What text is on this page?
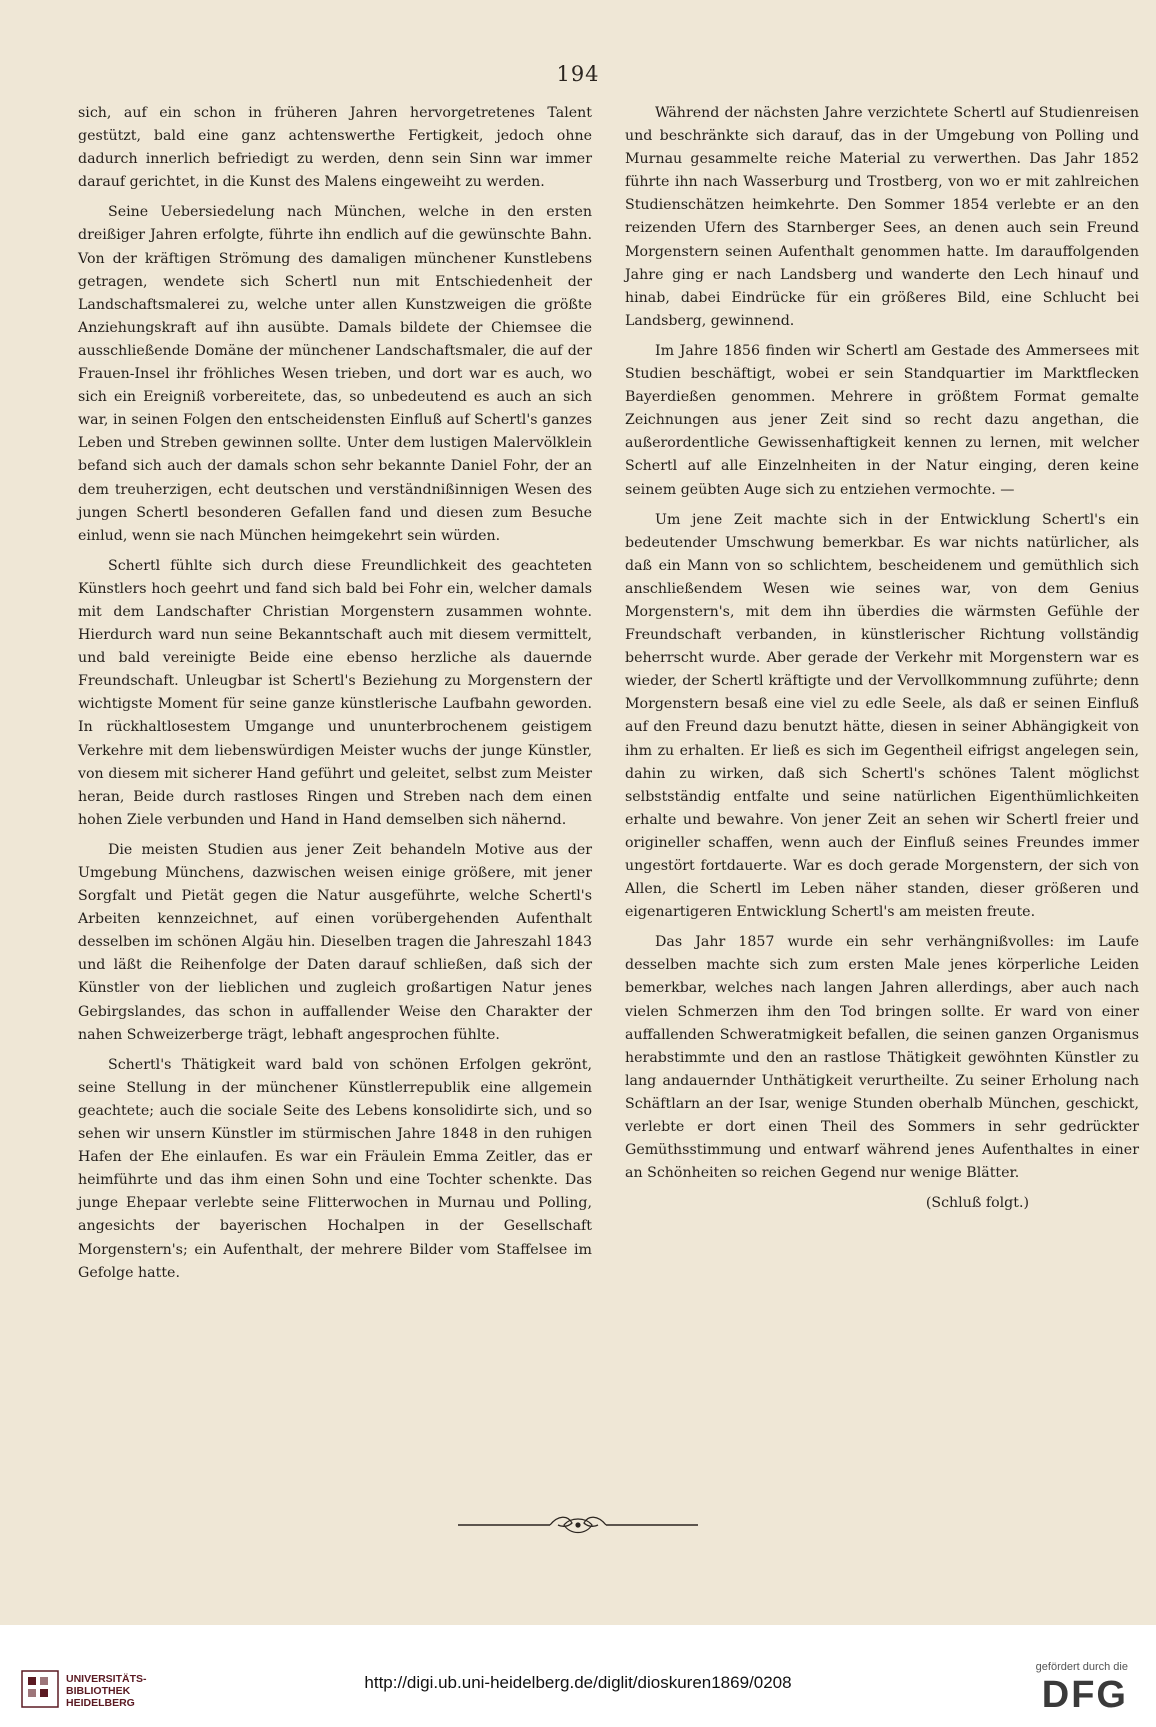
194

sich, auf ein schon in früheren Jahren hervorgetretenes Talent gestützt, bald eine ganz achtenswerthe Fertigkeit, jedoch ohne dadurch innerlich befriedigt zu werden, denn sein Sinn war immer darauf gerichtet, in die Kunst des Malens eingeweiht zu werden.

Seine Uebersiedelung nach München, welche in den ersten dreißiger Jahren erfolgte, führte ihn endlich auf die gewünschte Bahn. Von der kräftigen Strömung des damaligen münchener Kunstlebens getragen, wendete sich Schertl nun mit Entschiedenheit der Landschaftsmalerei zu, welche unter allen Kunstzweigen die größte Anziehungskraft auf ihn ausübte. Damals bildete der Chiemsee die ausschließende Domäne der münchener Landschaftsmaler, die auf der Frauen-Insel ihr fröhliches Wesen trieben, und dort war es auch, wo sich ein Ereigniß vorbereitete, das, so unbedeutend es auch an sich war, in seinen Folgen den entscheidensten Einfluß auf Schertl's ganzes Leben und Streben gewinnen sollte. Unter dem lustigen Malervölklein befand sich auch der damals schon sehr bekannte Daniel Fohr, der an dem treuherzigen, echt deutschen und verständnißinnigen Wesen des jungen Schertl besonderen Gefallen fand und diesen zum Besuche einlud, wenn sie nach München heimgekehrt sein würden.

Schertl fühlte sich durch diese Freundlichkeit des geachteten Künstlers hoch geehrt und fand sich bald bei Fohr ein, welcher damals mit dem Landschafter Christian Morgenstern zusammen wohnte. Hierdurch ward nun seine Bekanntschaft auch mit diesem vermittelt, und bald vereinigte Beide eine ebenso herzliche als dauernde Freundschaft. Unleugbar ist Schertl's Beziehung zu Morgenstern der wichtigste Moment für seine ganze künstlerische Laufbahn geworden. In rückhaltlosestem Umgange und ununterbrochenem geistigem Verkehre mit dem liebenswürdigen Meister wuchs der junge Künstler, von diesem mit sicherer Hand geführt und geleitet, selbst zum Meister heran, Beide durch rastloses Ringen und Streben nach dem einen hohen Ziele verbunden und Hand in Hand demselben sich nähernd.

Die meisten Studien aus jener Zeit behandeln Motive aus der Umgebung Münchens, dazwischen weisen einige größere, mit jener Sorgfalt und Pietät gegen die Natur ausgeführte, welche Schertl's Arbeiten kennzeichnet, auf einen vorübergehenden Aufenthalt desselben im schönen Algäu hin. Dieselben tragen die Jahreszahl 1843 und läßt die Reihenfolge der Daten darauf schließen, daß sich der Künstler von der lieblichen und zugleich großartigen Natur jenes Gebirgslandes, das schon in auffallender Weise den Charakter der nahen Schweizerberge trägt, lebhaft angesprochen fühlte.

Schertl's Thätigkeit ward bald von schönen Erfolgen gekrönt, seine Stellung in der münchener Künstlerrepublik eine allgemein geachtete; auch die sociale Seite des Lebens konsolidirte sich, und so sehen wir unsern Künstler im stürmischen Jahre 1848 in den ruhigen Hafen der Ehe einlaufen. Es war ein Fräulein Emma Zeitler, das er heimführte und das ihm einen Sohn und eine Tochter schenkte. Das junge Ehepaar verlebte seine Flitterwochen in Murnau und Polling, angesichts der bayerischen Hochalpen in der Gesellschaft Morgenstern's; ein Aufenthalt, der mehrere Bilder vom Staffelsee im Gefolge hatte.

Während der nächsten Jahre verzichtete Schertl auf Studienreisen und beschränkte sich darauf, das in der Umgebung von Polling und Murnau gesammelte reiche Material zu verwerthen. Das Jahr 1852 führte ihn nach Wasserburg und Trostberg, von wo er mit zahlreichen Studienschätzen heimkehrte. Den Sommer 1854 verlebte er an den reizenden Ufern des Starnberger Sees, an denen auch sein Freund Morgenstern seinen Aufenthalt genommen hatte. Im darauffolgenden Jahre ging er nach Landsberg und wanderte den Lech hinauf und hinab, dabei Eindrücke für ein größeres Bild, eine Schlucht bei Landsberg, gewinnend.

Im Jahre 1856 finden wir Schertl am Gestade des Ammersees mit Studien beschäftigt, wobei er sein Standquartier im Marktflecken Bayerdießen genommen. Mehrere in größtem Format gemalte Zeichnungen aus jener Zeit sind so recht dazu angethan, die außerordentliche Gewissenhaftigkeit kennen zu lernen, mit welcher Schertl auf alle Einzelnheiten in der Natur einging, deren keine seinem geübten Auge sich zu entziehen vermochte. —

Um jene Zeit machte sich in der Entwicklung Schertl's ein bedeutender Umschwung bemerkbar. Es war nichts natürlicher, als daß ein Mann von so schlichtem, bescheidenem und gemüthlich sich anschließendem Wesen wie seines war, von dem Genius Morgenstern's, mit dem ihn überdies die wärmsten Gefühle der Freundschaft verbanden, in künstlerischer Richtung vollständig beherrscht wurde. Aber gerade der Verkehr mit Morgenstern war es wieder, der Schertl kräftigte und der Vervollkommnung zuführte; denn Morgenstern besaß eine viel zu edle Seele, als daß er seinen Einfluß auf den Freund dazu benutzt hätte, diesen in seiner Abhängigkeit von ihm zu erhalten. Er ließ es sich im Gegentheil eifrigst angelegen sein, dahin zu wirken, daß sich Schertl's schönes Talent möglichst selbstständig entfalte und seine natürlichen Eigenthümlichkeiten erhalte und bewahre. Von jener Zeit an sehen wir Schertl freier und origineller schaffen, wenn auch der Einfluß seines Freundes immer ungestört fortdauerte. War es doch gerade Morgenstern, der sich von Allen, die Schertl im Leben näher standen, dieser größeren und eigenartigeren Entwicklung Schertl's am meisten freute.

Das Jahr 1857 wurde ein sehr verhängnißvolles: im Laufe desselben machte sich zum ersten Male jenes körperliche Leiden bemerkbar, welches nach langen Jahren allerdings, aber auch nach vielen Schmerzen ihm den Tod bringen sollte. Er ward von einer auffallenden Schweratmigkeit befallen, die seinen ganzen Organismus herabstimmte und den an rastlose Thätigkeit gewöhnten Künstler zu lang andauernder Unthätigkeit verurtheilte. Zu seiner Erholung nach Schäftlarn an der Isar, wenige Stunden oberhalb München, geschickt, verlebte er dort einen Theil des Sommers in sehr gedrückter Gemüthsstimmung und entwarf während jenes Aufenthaltes in einer an Schönheiten so reichen Gegend nur wenige Blätter.

(Schluß folgt.)
UNIVERSITÄTS-
BIBLIOTHEK
HEIDELBERG
http://digi.ub.uni-heidelberg.de/diglit/dioskuren1869/0208
gefördert durch die
DFG
